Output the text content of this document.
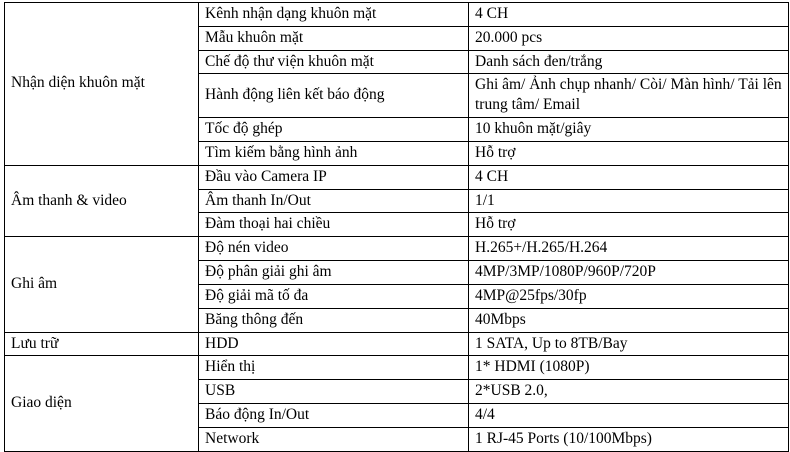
Nhận diện khuôn mặt	Kênh nhận dạng khuôn mặt	4 CH
	Mẫu khuôn mặt	20.000 pcs
	Chế độ thư viện khuôn mặt	Danh sách đen/trắng
	Hành động liên kết báo động	Ghi âm/ Ảnh chụp nhanh/ Còi/ Màn hình/ Tải lên trung tâm/ Email
	Tốc độ ghép	10 khuôn mặt/giây
	Tìm kiếm bằng hình ảnh	Hỗ trợ
Âm thanh & video	Đầu vào Camera IP	4 CH
	Âm thanh In/Out	1/1
	Đàm thoại hai chiều	Hỗ trợ
Ghi âm	Độ nén video	H.265+/H.265/H.264
	Độ phân giải ghi âm	4MP/3MP/1080P/960P/720P
	Độ giải mã tố đa	4MP@25fps/30fp
	Băng thông đến	40Mbps
Lưu trữ	HDD	1 SATA, Up to 8TB/Bay
Giao diện	Hiển thị	1* HDMI (1080P)
	USB	2*USB 2.0,
	Báo động In/Out	4/4
	Network	1 RJ-45 Ports (10/100Mbps)
